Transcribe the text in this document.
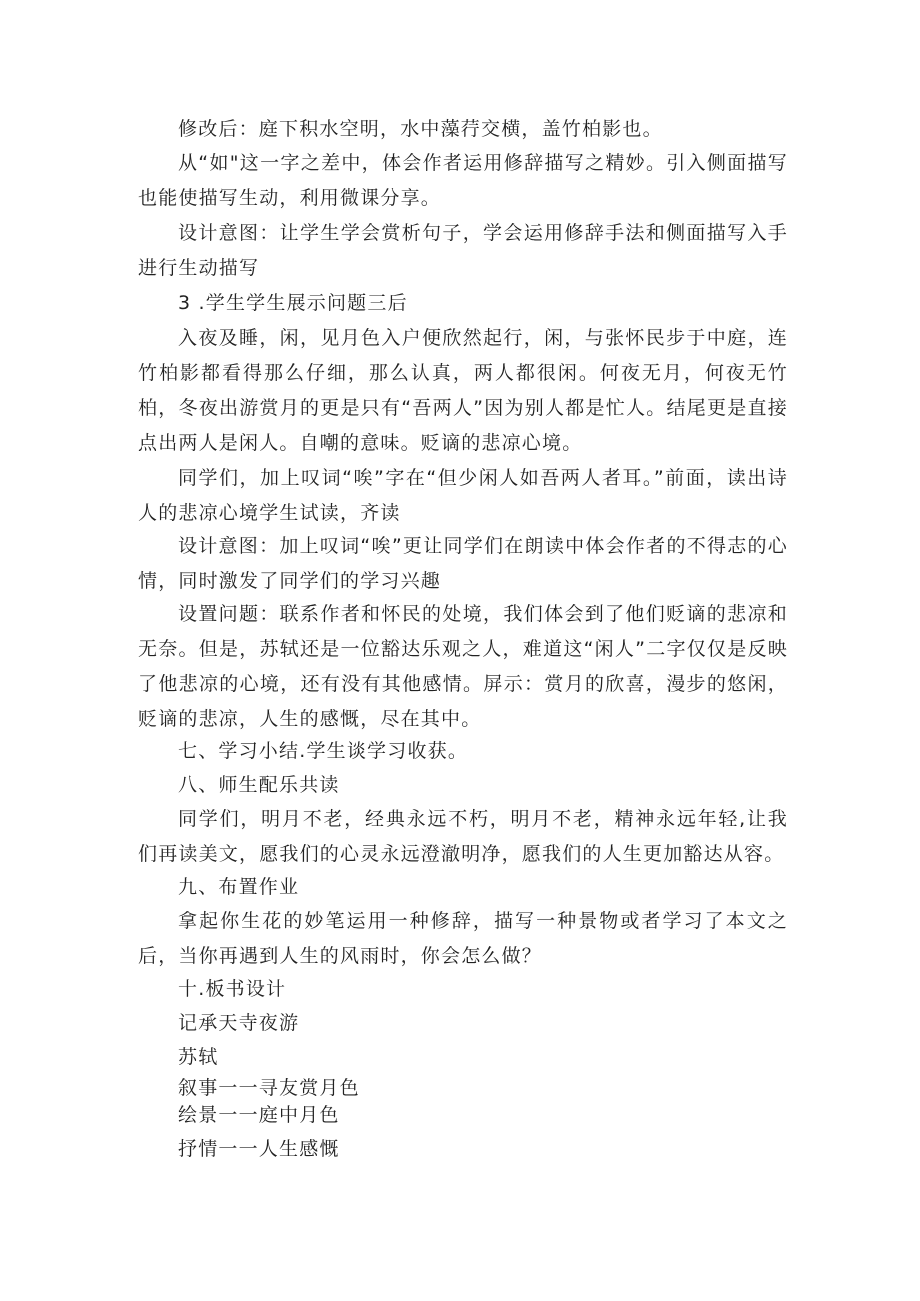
修改后：庭下积水空明，水中藻荇交横，盖竹柏影也。
从“如"这一字之差中，体会作者运用修辞描写之精妙。引入侧面描写也能使描写生动，利用微课分享。
设计意图：让学生学会赏析句子，学会运用修辞手法和侧面描写入手进行生动描写
3 .学生学生展示问题三后
入夜及睡，闲，见月色入户便欣然起行，闲，与张怀民步于中庭，连竹柏影都看得那么仔细，那么认真，两人都很闲。何夜无月，何夜无竹柏，冬夜出游赏月的更是只有“吾两人”因为别人都是忙人。结尾更是直接点出两人是闲人。自嘲的意味。贬谪的悲凉心境。
同学们，加上叹词“唉”字在“但少闲人如吾两人者耳。”前面，读出诗人的悲凉心境学生试读，齐读
设计意图：加上叹词“唉”更让同学们在朗读中体会作者的不得志的心情，同时激发了同学们的学习兴趣
设置问题：联系作者和怀民的处境，我们体会到了他们贬谪的悲凉和无奈。但是，苏轼还是一位豁达乐观之人，难道这“闲人”二字仅仅是反映了他悲凉的心境，还有没有其他感情。屏示：赏月的欣喜，漫步的悠闲，贬谪的悲凉，人生的感慨，尽在其中。
七、学习小结.学生谈学习收获。
八、师生配乐共读
同学们，明月不老，经典永远不朽，明月不老，精神永远年轻,让我们再读美文，愿我们的心灵永远澄澈明净，愿我们的人生更加豁达从容。
九、布置作业
拿起你生花的妙笔运用一种修辞，描写一种景物或者学习了本文之后，当你再遇到人生的风雨时，你会怎么做？
十.板书设计
记承天寺夜游
苏轼
叙事一一寻友赏月色
绘景一一庭中月色
抒情一一人生感慨
